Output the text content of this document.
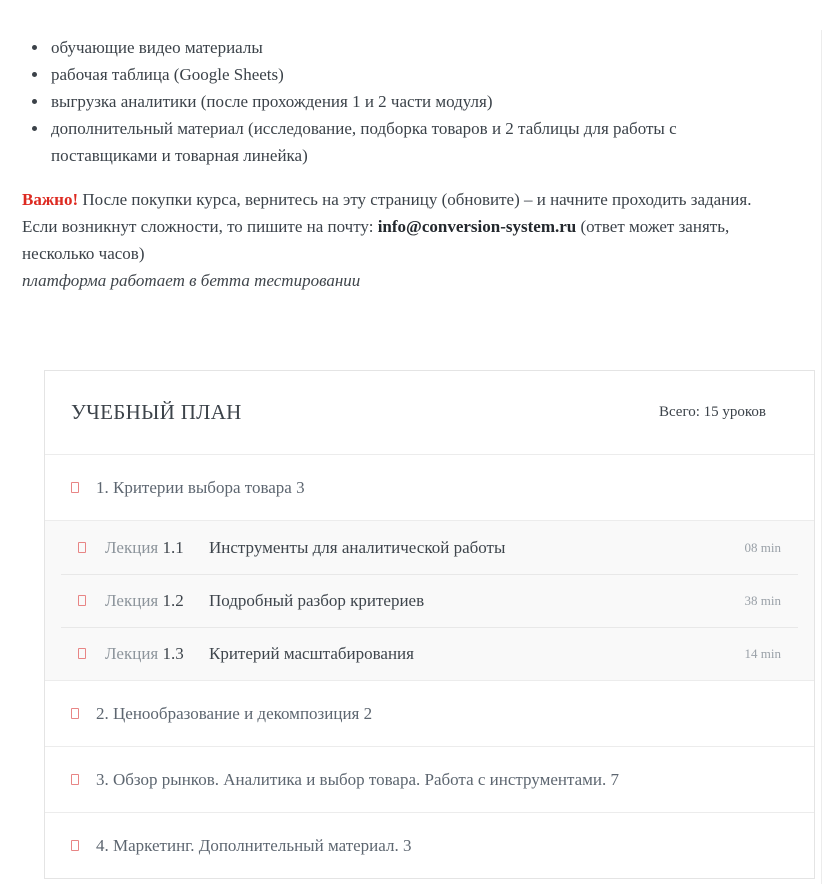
• обучающие видео материалы
• рабочая таблица (Google Sheets)
• выгрузка аналитики (после прохождения 1 и 2 части модуля)
• дополнительный материал (исследование, подборка товаров и 2 таблицы для работы с поставщиками и товарная линейка)

Важно! После покупки курса, вернитесь на эту страницу (обновите) – и начните проходить задания.

Если возникнут сложности, то пишите на почту: info@conversion-system.ru (ответ может занять, несколько часов)

платформа работает в бетта тестировании

УЧЕБНЫЙ ПЛАН	Всего: 15 уроков
1. Критерии выбора товара 3
Лекция 1.1	Инструменты для аналитической работы	08 min
Лекция 1.2	Подробный разбор критериев	38 min
Лекция 1.3	Критерий масштабирования	14 min
2. Ценообразование и декомпозиция 2
3. Обзор рынков. Аналитика и выбор товара. Работа с инструментами. 7
4. Маркетинг. Дополнительный материал. 3
